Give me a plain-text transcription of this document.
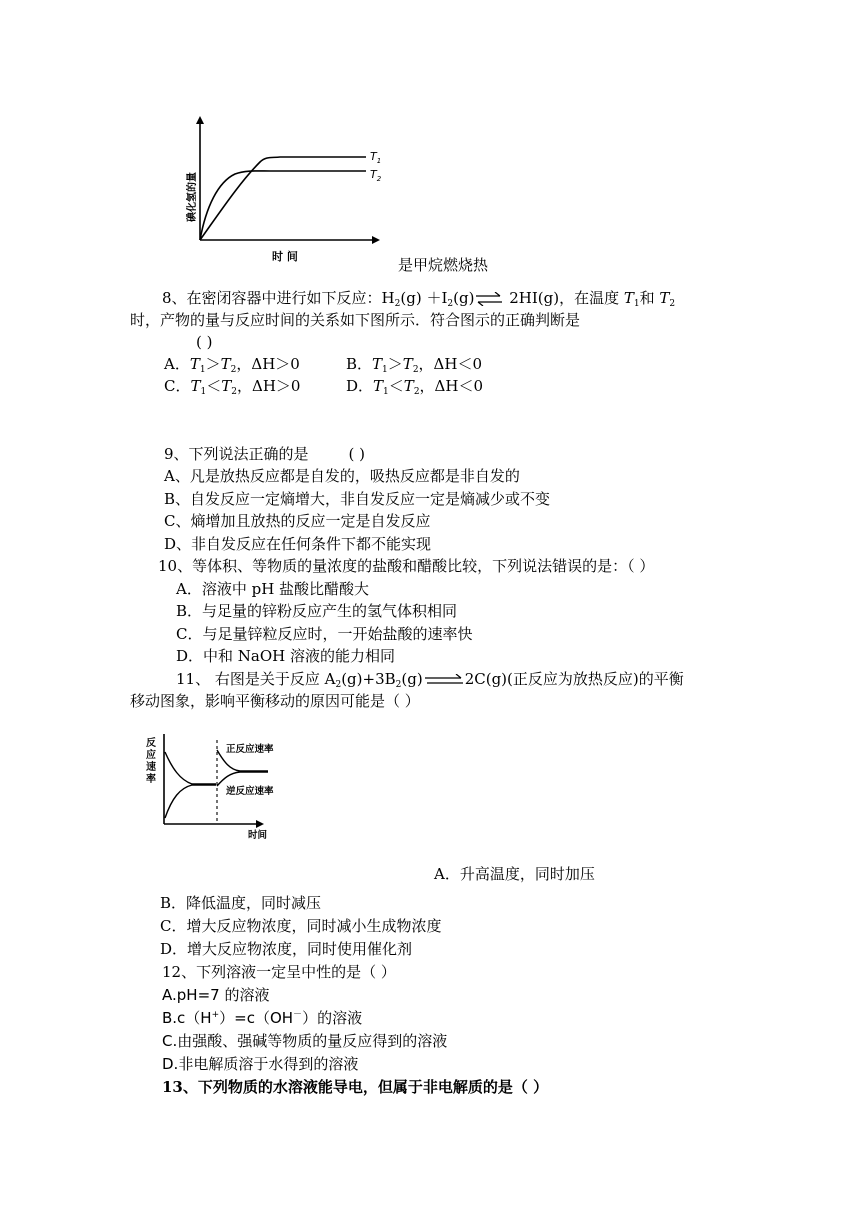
$T_1$
$T_2$
时 间
碘化氢的量
是甲烷燃烧热
8、在密闭容器中进行如下反应：$H_2(g)$ $+I_2(g)\rightleftharpoons$ 2HI(g)，在温度 $T_1$和 $T_2$
时，产物的量与反应时间的关系如下图所示．符合图示的正确判断是
( )
A．$T_1>T_2$，ΔH＞0	B．$T_1>T_2$，ΔH＜0
C．$T_1<T_2$，ΔH＞0	D．$T_1<T_2$，ΔH＜0
9、下列说法正确的是	( )
A、凡是放热反应都是自发的，吸热反应都是非自发的
B、自发反应一定熵增大，非自发反应一定是熵减少或不变
C、熵增加且放热的反应一定是自发反应
D、非自发反应在任何条件下都不能实现
10、等体积、等物质的量浓度的盐酸和醋酸比较，下列说法错误的是：（ ）
A．溶液中 pH 盐酸比醋酸大
B．与足量的锌粉反应产生的氢气体积相同
C．与足量锌粒反应时，一开始盐酸的速率快
D．中和 NaOH 溶液的能力相同
11、 右图是关于反应 $A_2(g)+3B_2(g)$	2C(g)(正反应为放热反应)的平衡
移动图象，影响平衡移动的原因可能是（ ）
反
应
速
率
正反应速率
逆反应速率
时间
A．升高温度，同时加压
B．降低温度，同时减压
C．增大反应物浓度，同时减小生成物浓度
D．增大反应物浓度，同时使用催化剂
12、下列溶液一定呈中性的是（ ）
A.pH=7 的溶液
B.c（H+）=c（OH－）的溶液
C.由强酸、强碱等物质的量反应得到的溶液
D.非电解质溶于水得到的溶液
13、下列物质的水溶液能导电，但属于非电解质的是（ ）
